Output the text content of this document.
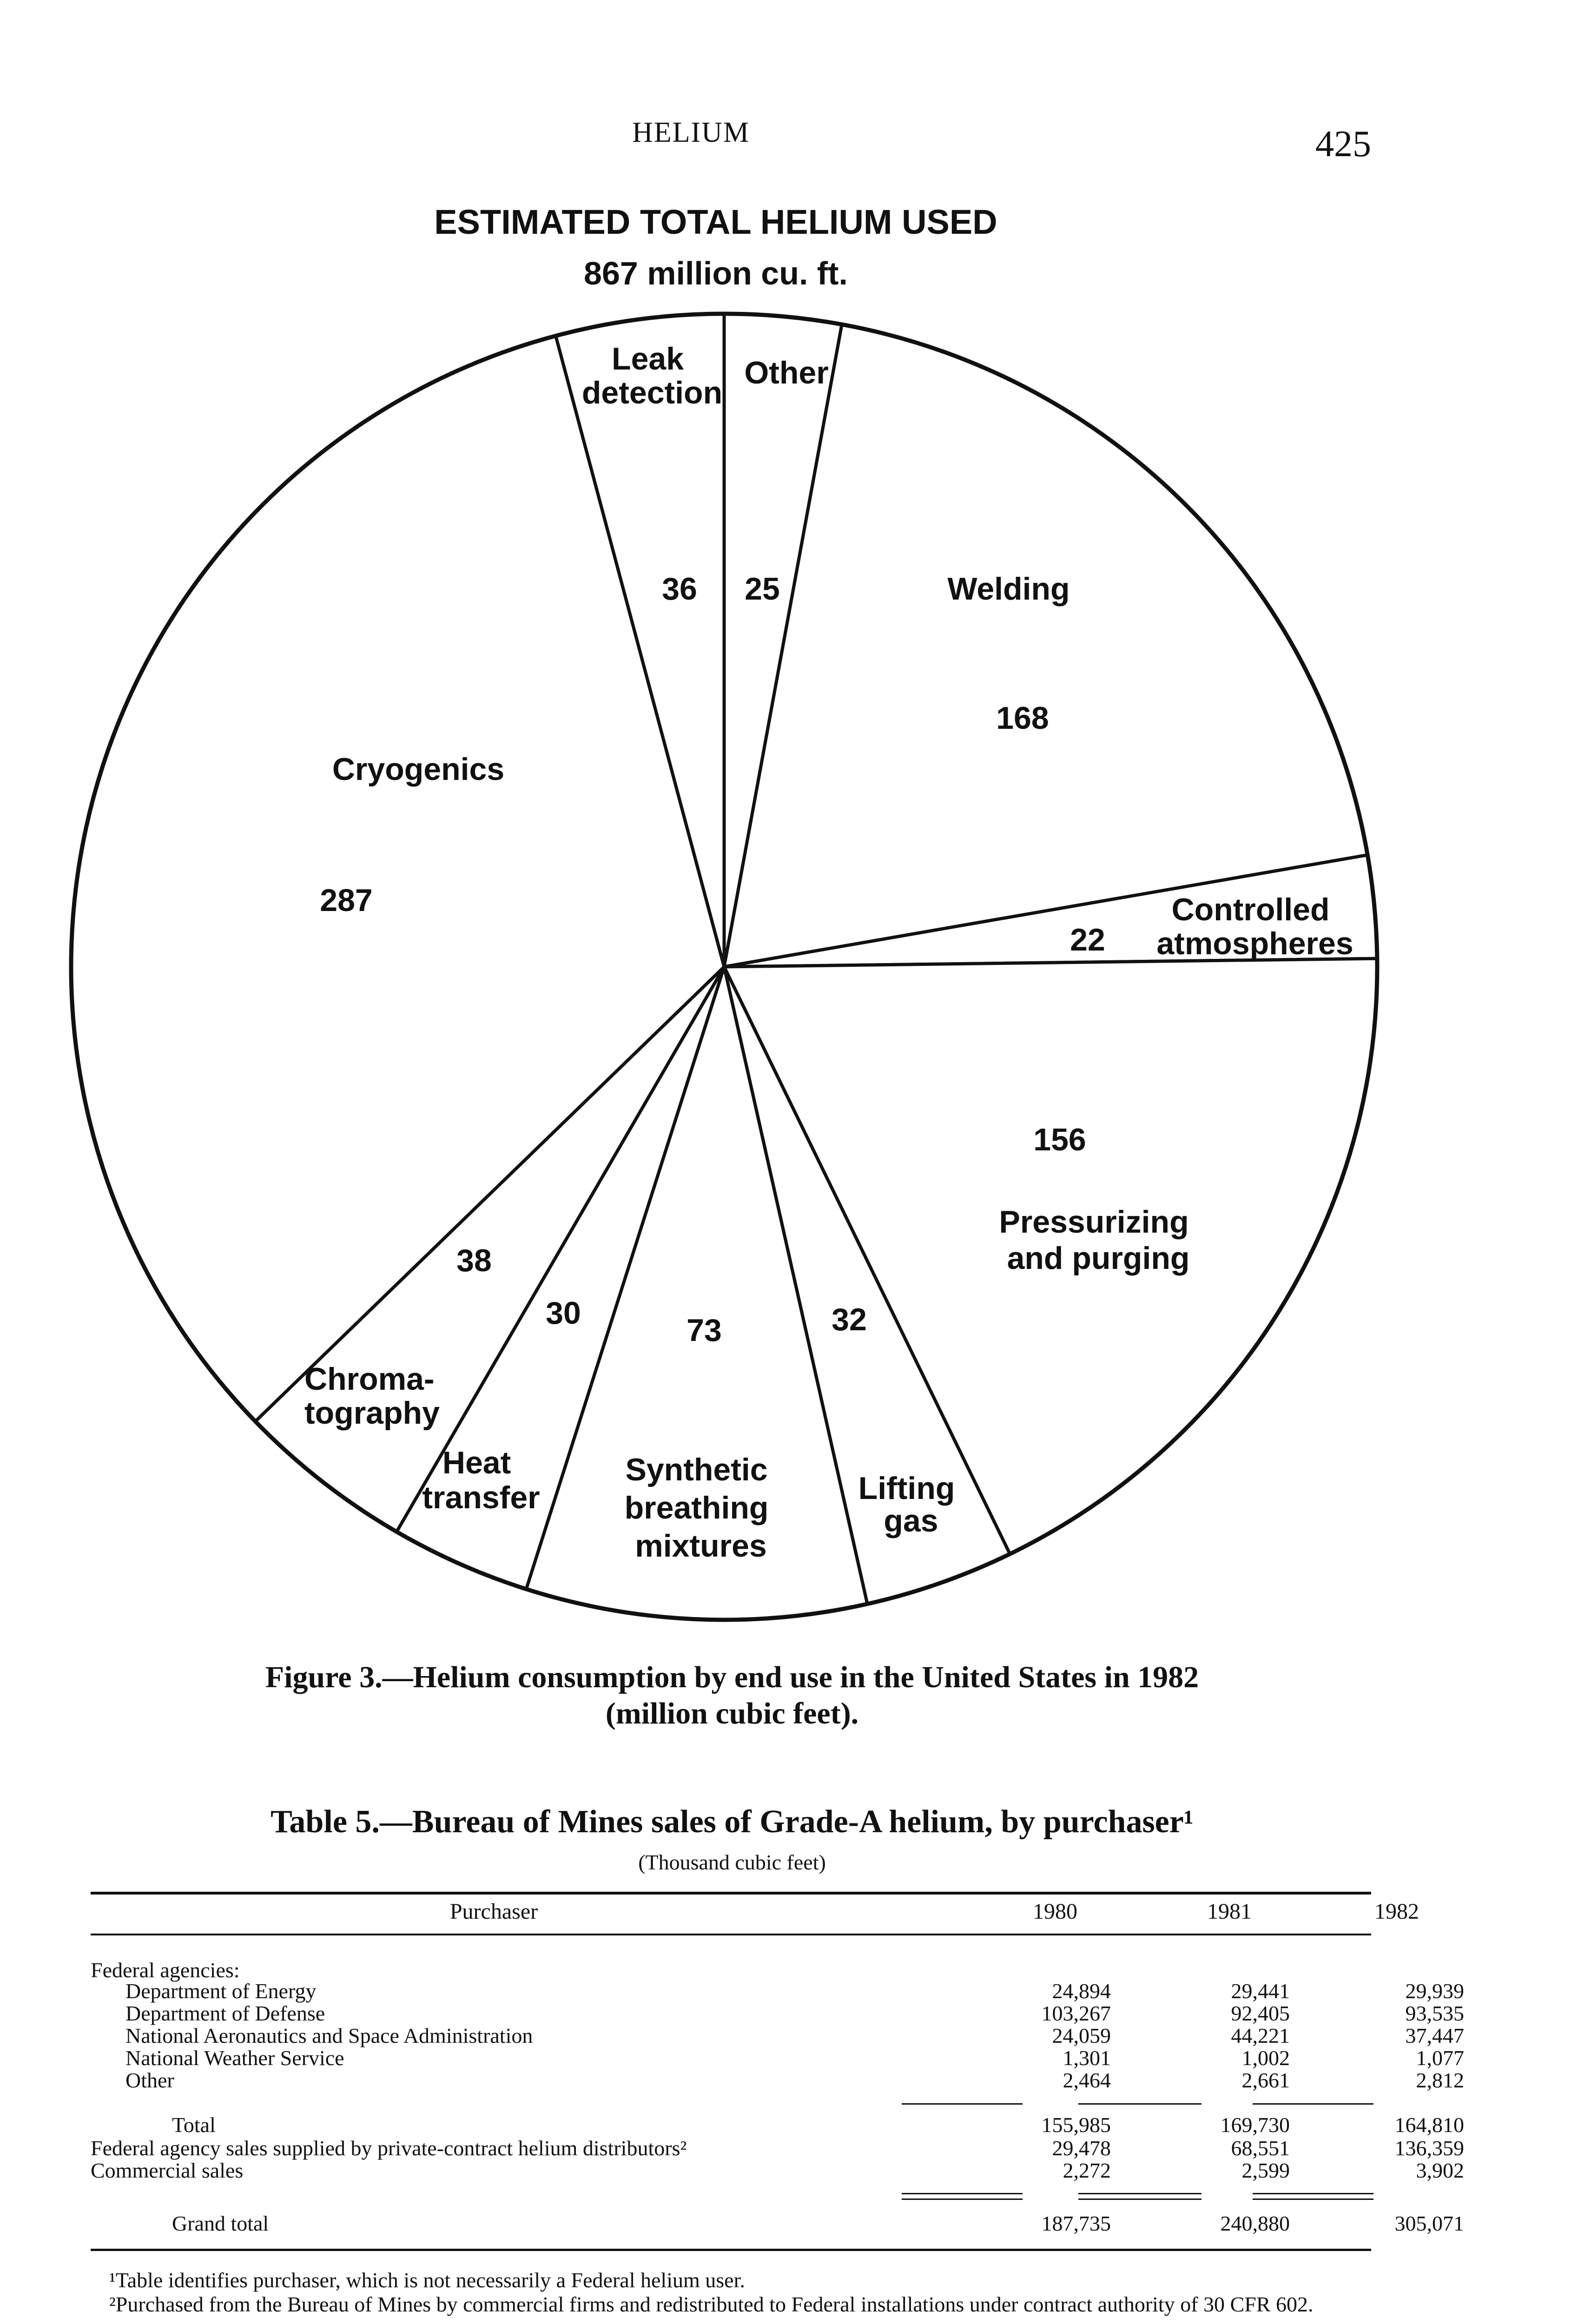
HELIUM	425
ESTIMATED TOTAL HELIUM USED
867 million cu. ft.
Leak detection
Other
Welding
Cryogenics
Controlled atmospheres
Pressurizing and purging
Chroma- tography
Heat transfer
Synthetic breathing mixtures
Lifting gas
36 25
168
287
22
156
38
30	73	32
Figure 3.—Helium consumption by end use in the United States in 1982
(million cubic feet).
Table 5.—Bureau of Mines sales of Grade-A helium, by purchaser¹
(Thousand cubic feet)
Purchaser	1980	1981	1982
Federal agencies:
Department of Energy	24,894	29,441	29,939
Department of Defense	103,267	92,405	93,535
National Aeronautics and Space Administration	24,059	44,221	37,447
National Weather Service	1,301	1,002	1,077
Other	2,464	2,661	2,812
Total	155,985	169,730	164,810
Federal agency sales supplied by private-contract helium distributors²	29,478	68,551	136,359
Commercial sales	2,272	2,599	3,902
Grand total	187,735	240,880	305,071
¹Table identifies purchaser, which is not necessarily a Federal helium user.
²Purchased from the Bureau of Mines by commercial firms and redistributed to Federal installations under contract authority of 30 CFR 602.
